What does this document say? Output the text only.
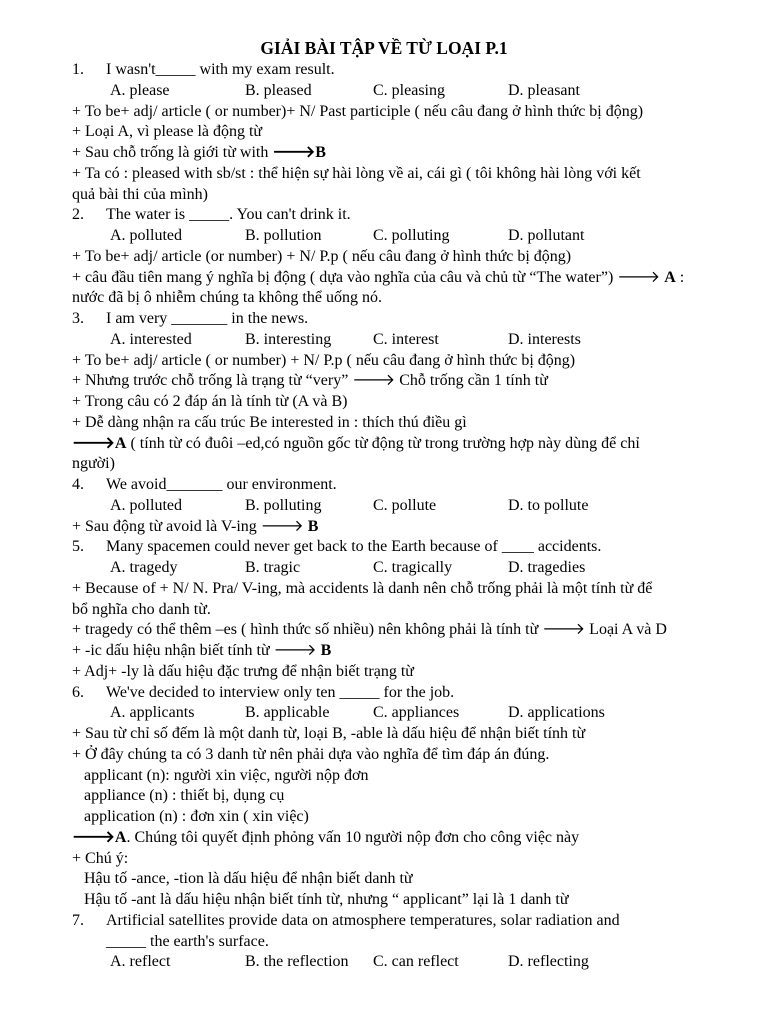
GIẢI BÀI TẬP VỀ TỪ LOẠI P.1
1. I wasn't_____ with my exam result.
A. please	B. pleased	C. pleasing	D. pleasant
+ To be+ adj/ article ( or number)+ N/ Past participle ( nếu câu đang ở hình thức bị động)
+ Loại A, vì please là động từ
+ Sau chỗ trống là giới từ with 🡒B
+ Ta có : pleased with sb/st : thể hiện sự hài lòng về ai, cái gì ( tôi không hài lòng với kết
quả bài thi của mình)
2. The water is _____. You can't drink it.
A. polluted	B. pollution	C. polluting	D. pollutant
+ To be+ adj/ article (or number) + N/ P.p ( nếu câu đang ở hình thức bị động)
+ câu đầu tiên mang ý nghĩa bị động ( dựa vào nghĩa của câu và chủ từ “The water”) 🡒 A :
nước đã bị ô nhiễm chúng ta không thể uống nó.
3. I am very _______ in the news.
A. interested	B. interesting	C. interest	D. interests
+ To be+ adj/ article ( or number) + N/ P.p ( nếu câu đang ở hình thức bị động)
+ Nhưng trước chỗ trống là trạng từ “very” 🡒 Chỗ trống cần 1 tính từ
+ Trong câu có 2 đáp án là tính từ (A và B)
+ Dễ dàng nhận ra cấu trúc Be interested in : thích thú điều gì
🡒A ( tính từ có đuôi –ed,có nguồn gốc từ động từ trong trường hợp này dùng để chỉ
người)
4. We avoid_______ our environment.
A. polluted	B. polluting	C. pollute	D. to pollute
+ Sau động từ avoid là V-ing 🡒 B
5. Many spacemen could never get back to the Earth because of ____ accidents.
A. tragedy	B. tragic	C. tragically	D. tragedies
+ Because of + N/ N. Pra/ V-ing, mà accidents là danh nên chỗ trống phải là một tính từ để
bổ nghĩa cho danh từ.
+ tragedy có thể thêm –es ( hình thức số nhiều) nên không phải là tính từ 🡒 Loại A và D
+ -ic dấu hiệu nhận biết tính từ 🡒 B
+ Adj+ -ly là dấu hiệu đặc trưng để nhận biết trạng từ
6. We've decided to interview only ten _____ for the job.
A. applicants	B. applicable	C. appliances	D. applications
+ Sau từ chỉ số đếm là một danh từ, loại B, -able là dấu hiệu để nhận biết tính từ
+ Ở đây chúng ta có 3 danh từ nên phải dựa vào nghĩa để tìm đáp án đúng.
applicant (n): người xin việc, người nộp đơn
appliance (n) : thiết bị, dụng cụ
application (n) : đơn xin ( xin việc)
🡒A. Chúng tôi quyết định phỏng vấn 10 người nộp đơn cho công việc này
+ Chú ý:
Hậu tố -ance, -tion là dấu hiệu để nhận biết danh từ
Hậu tố -ant là dấu hiệu nhận biết tính từ, nhưng “ applicant” lại là 1 danh từ
7. Artificial satellites provide data on atmosphere temperatures, solar radiation and
_____ the earth's surface.
A. reflect	B. the reflection C. can reflect	D. reflecting
